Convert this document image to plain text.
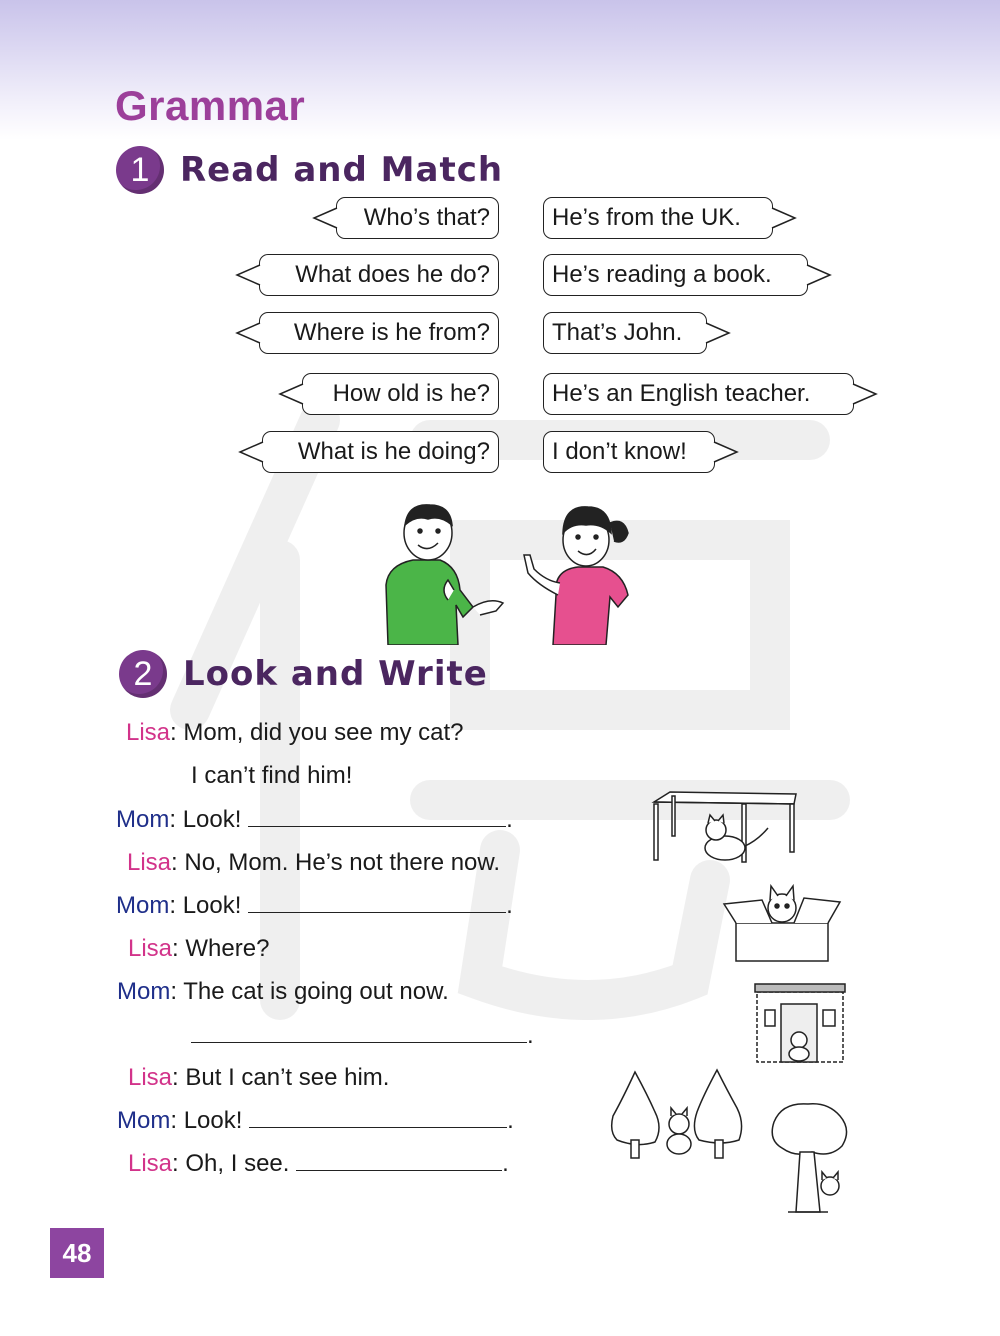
Grammar
1 Read and Match
Who’s that?
What does he do?
Where is he from?
How old is he?
What is he doing?
He’s from the UK.
He’s reading a book.
That’s John.
He’s an English teacher.
I don’t know!
2 Look and Write
Lisa: Mom, did you see my cat?
I can’t find him!
Mom: Look!	.
Lisa: No, Mom. He’s not there now.
Mom: Look!	.
Lisa: Where?
Mom: The cat is going out now.
.
Lisa: But I can’t see him.
Mom: Look!	.
Lisa: Oh, I see.	.
48
